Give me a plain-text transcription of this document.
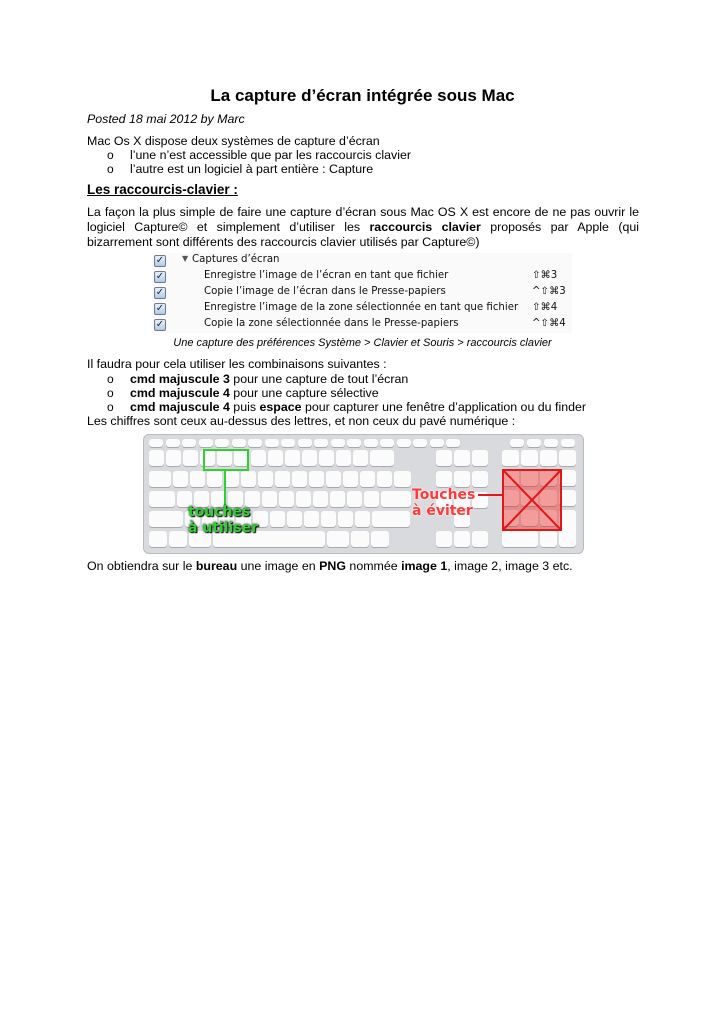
La capture d’écran intégrée sous Mac
Posted 18 mai 2012 by Marc
Mac Os X dispose deux systèmes de capture d’écran
o l’une n’est accessible que par les raccourcis clavier
o l’autre est un logiciel à part entière : Capture
Les raccourcis-clavier :

La façon la plus simple de faire une capture d’écran sous Mac OS X est encore de ne pas ouvrir le logiciel Capture© et simplement d’utiliser les raccourcis clavier proposés par Apple (qui bizarrement sont différents des raccourcis clavier utilisés par Capture©)

✓ ▼ Captures d’écran
✓	Enregistre l’image de l’écran en tant que fichier	⇧⌘3
✓	Copie l’image de l’écran dans le Presse-papiers	^⇧⌘3
✓	Enregistre l’image de la zone sélectionnée en tant que fichier ⇧⌘4
✓	Copie la zone sélectionnée dans le Presse-papiers	^⇧⌘4
Une capture des préférences Système > Clavier et Souris > raccourcis clavier
Il faudra pour cela utiliser les combinaisons suivantes :
o cmd majuscule 3 pour une capture de tout l’écran
o cmd majuscule 4 pour une capture sélective
o cmd majuscule 4 puis espace pour capturer une fenêtre d’application ou du finder
Les chiffres sont ceux au-dessus des lettres, et non ceux du pavé numérique :
touches
à utiliser
Touches
à éviter
On obtiendra sur le bureau une image en PNG nommée image 1, image 2, image 3 etc.
